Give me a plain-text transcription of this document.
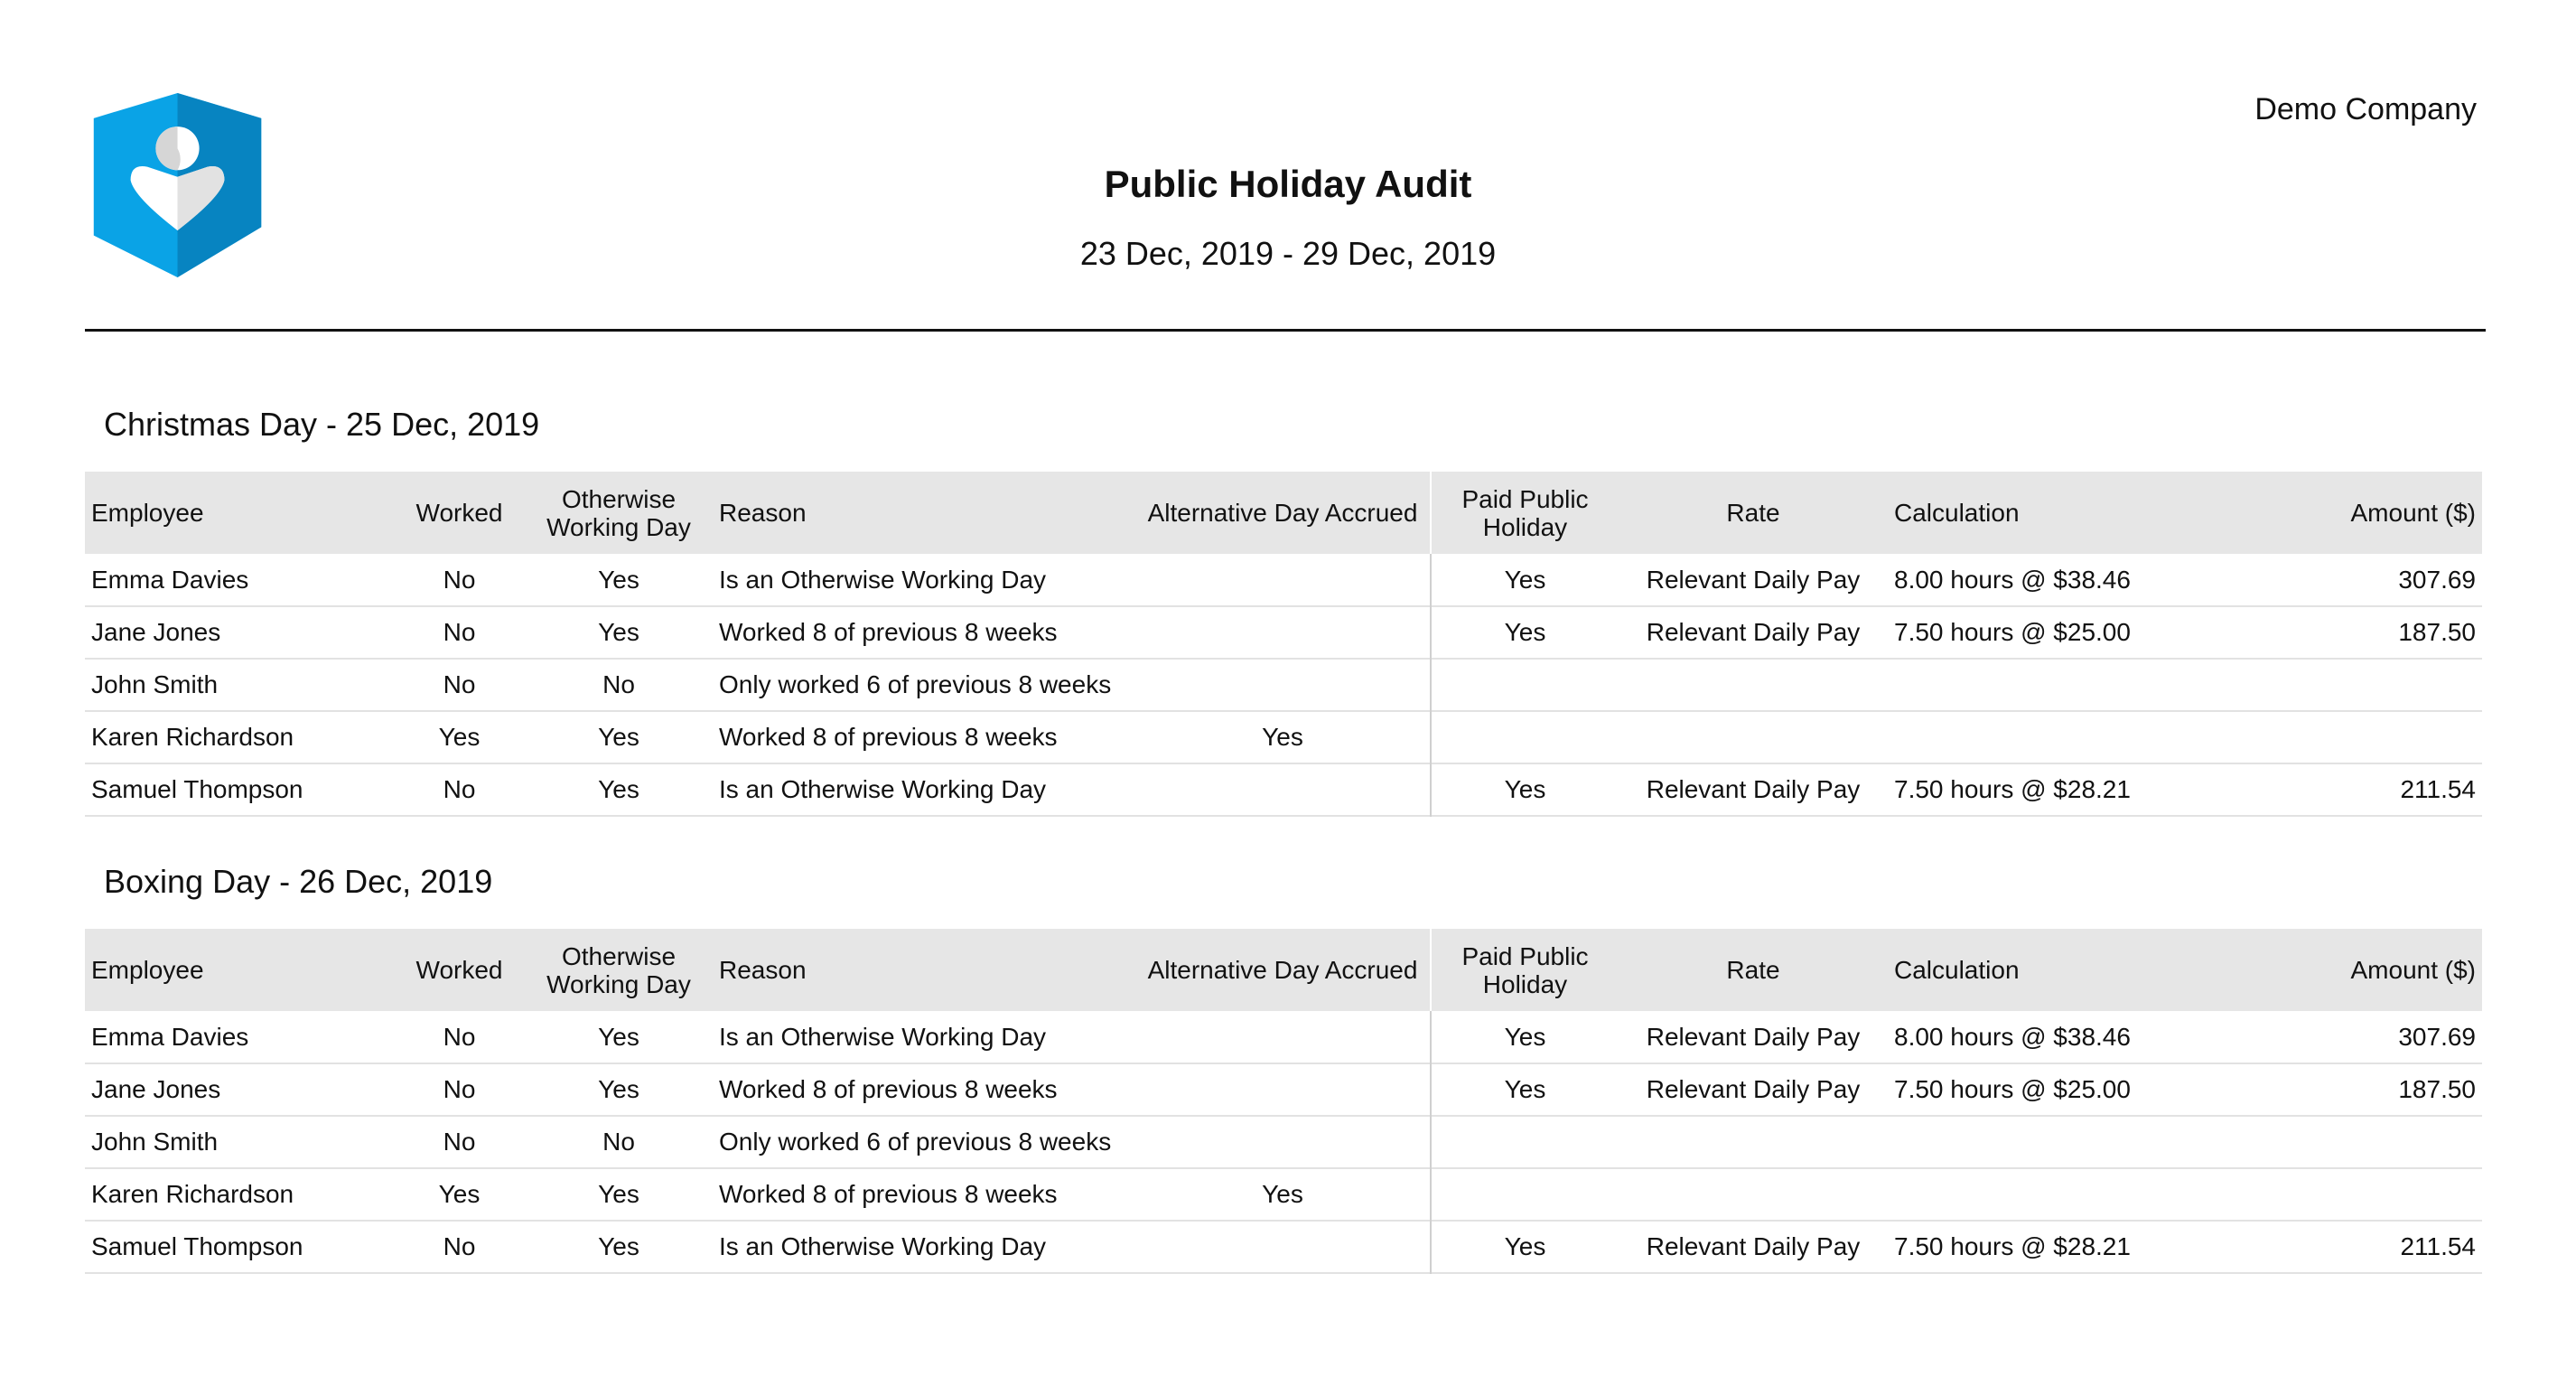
Demo Company
Public Holiday Audit
23 Dec, 2019 - 29 Dec, 2019
Christmas Day - 25 Dec, 2019
Employee	Worked	Otherwise Working Day	Reason	Alternative Day Accrued	Paid Public Holiday	Rate	Calculation	Amount ($)
Emma Davies	No	Yes	Is an Otherwise Working Day		Yes	Relevant Daily Pay	8.00 hours @ $38.46	307.69
Jane Jones	No	Yes	Worked 8 of previous 8 weeks		Yes	Relevant Daily Pay	7.50 hours @ $25.00	187.50
John Smith	No	No	Only worked 6 of previous 8 weeks					
Karen Richardson	Yes	Yes	Worked 8 of previous 8 weeks	Yes				
Samuel Thompson	No	Yes	Is an Otherwise Working Day		Yes	Relevant Daily Pay	7.50 hours @ $28.21	211.54
Boxing Day - 26 Dec, 2019
Employee	Worked	Otherwise Working Day	Reason	Alternative Day Accrued	Paid Public Holiday	Rate	Calculation	Amount ($)
Emma Davies	No	Yes	Is an Otherwise Working Day		Yes	Relevant Daily Pay	8.00 hours @ $38.46	307.69
Jane Jones	No	Yes	Worked 8 of previous 8 weeks		Yes	Relevant Daily Pay	7.50 hours @ $25.00	187.50
John Smith	No	No	Only worked 6 of previous 8 weeks					
Karen Richardson	Yes	Yes	Worked 8 of previous 8 weeks	Yes				
Samuel Thompson	No	Yes	Is an Otherwise Working Day		Yes	Relevant Daily Pay	7.50 hours @ $28.21	211.54
